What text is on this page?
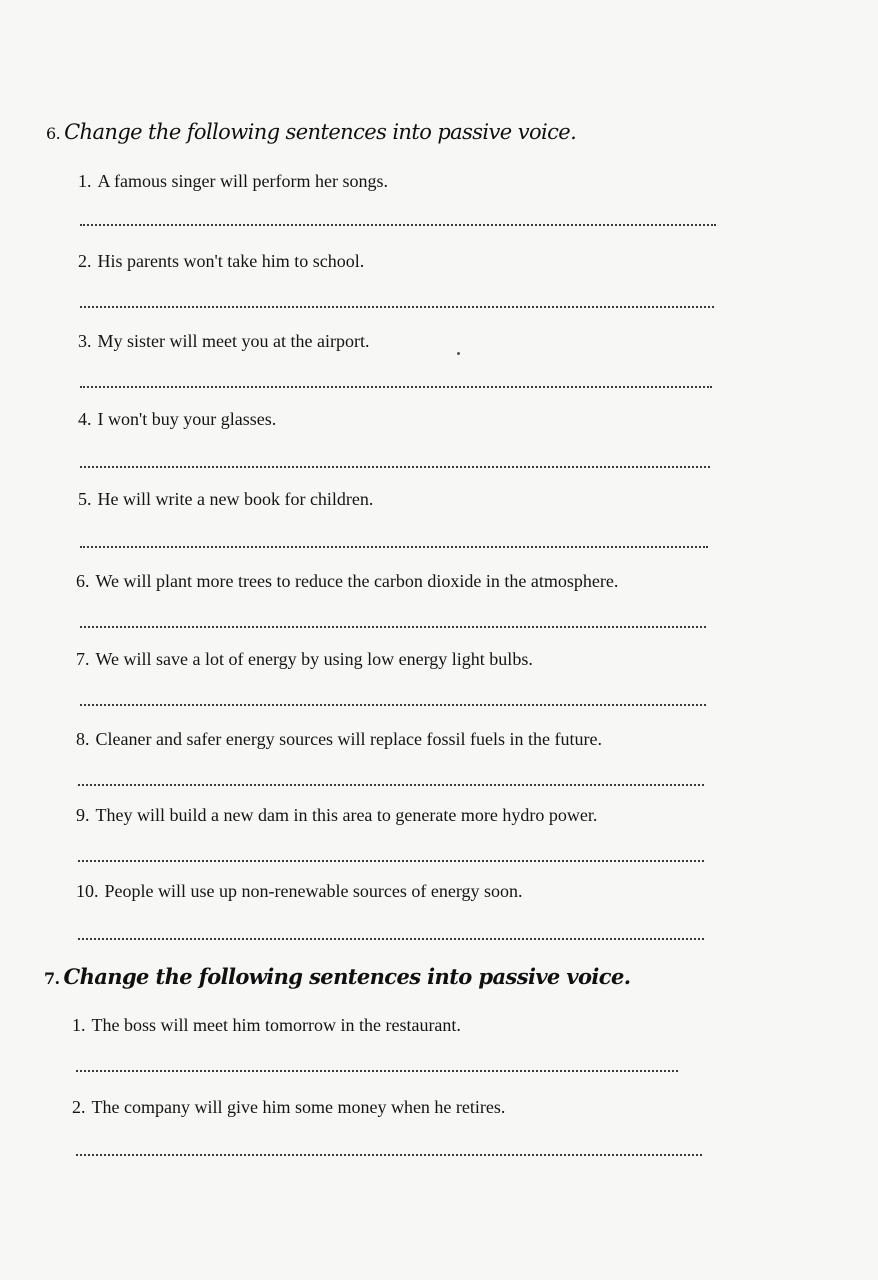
6. Change the following sentences into passive voice.
1. A famous singer will perform her songs.
2. His parents won't take him to school.
3. My sister will meet you at the airport.
4. I won't buy your glasses.
5. He will write a new book for children.
6. We will plant more trees to reduce the carbon dioxide in the atmosphere.
7. We will save a lot of energy by using low energy light bulbs.
8. Cleaner and safer energy sources will replace fossil fuels in the future.
9. They will build a new dam in this area to generate more hydro power.
10. People will use up non-renewable sources of energy soon.
7. Change the following sentences into passive voice.
1. The boss will meet him tomorrow in the restaurant.
2. The company will give him some money when he retires.
